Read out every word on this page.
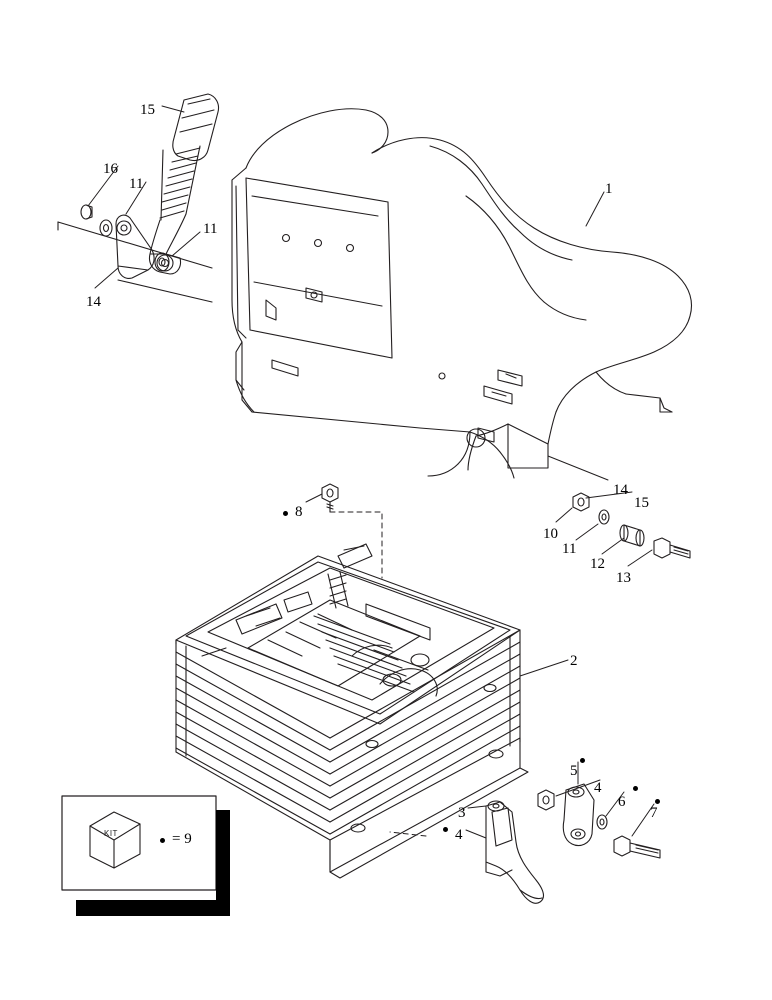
15
16
11
11
14
1
14
15
10
11
12
13
8
2
5
4
6
7
3
4
KIT	= 9
